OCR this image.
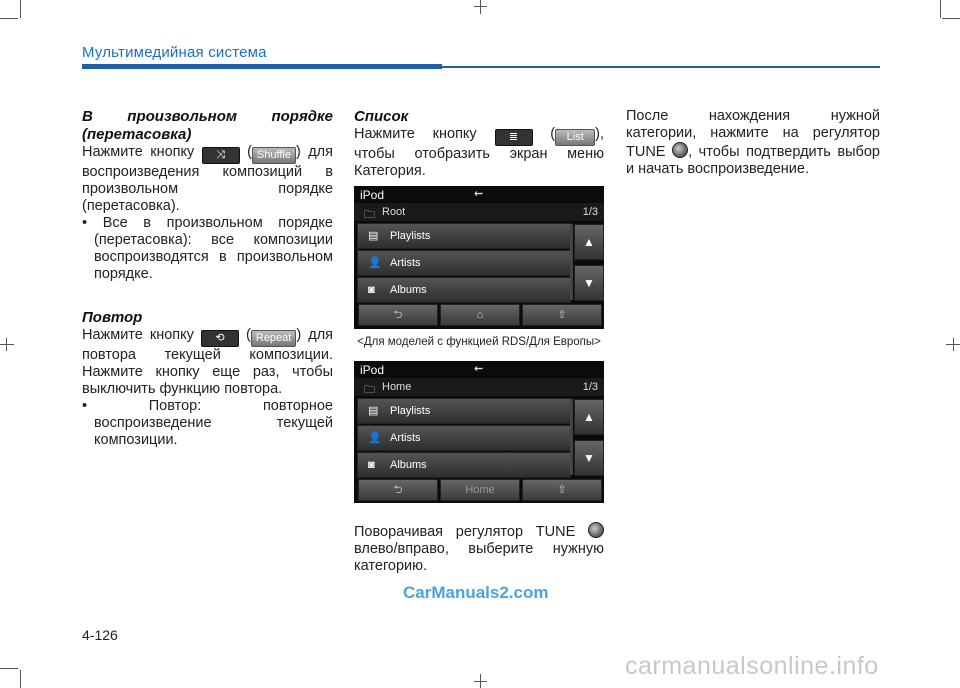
Мультимедийная система

В произвольном порядке (перетасовка)

Нажмите кнопку ⤨ ( Shuffle ) для воспроизведения композиций в произвольном порядке (перетасовка).

• Все в произвольном порядке (перетасовка): все композиции воспроизводятся в произвольном порядке.

Повтор

Нажмите кнопку ⟲ ( Repeat ) для повтора текущей композиции. Нажмите кнопку еще раз, чтобы выключить функцию повтора.

• Повтор: повторное воспроизведение текущей композиции.

Список

Нажмите кнопку	≣ ( List ), чтобы отобразить экран меню Категория.

iPod	⇜
🗀 Root	1/3
▤ Playlists
👤 Artists
◙ Albums
▲
▼
⮌	⌂	⇧
<Для моделей с функцией RDS/Для Европы>
iPod	⇜
🗀 Home	1/3
▤ Playlists
👤 Artists
◙ Albums
▲
▼
⮌	Home	⇧

Поворачивая регулятор TUNE  влево/вправо, выберите нужную категорию.

После нахождения нужной категории, нажмите на регулятор TUNE , чтобы подтвердить выбор и начать воспроизведение.

CarManuals2.com
4-126
carmanualsonline.info
